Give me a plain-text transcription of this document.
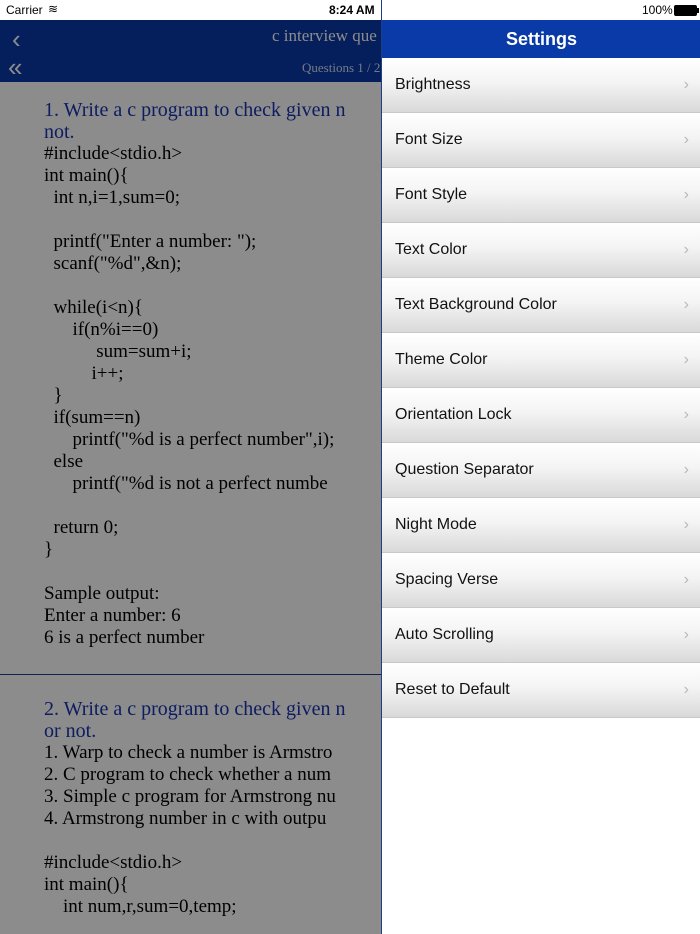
Carrier ≋	8:24 AM
‹
«
c interview que
Questions 1 / 2
1. Write a c program to check given n
not.
#include<stdio.h>
int main(){
int n,i=1,sum=0;
printf("Enter a number: ");
scanf("%d",&n);
while(i<n){
if(n%i==0)
sum=sum+i;
i++;
}
if(sum==n)
printf("%d is a perfect number",i);
else
printf("%d is not a perfect numbe
return 0;
}
Sample output:
Enter a number: 6
6 is a perfect number
2. Write a c program to check given n
or not.
1. Warp to check a number is Armstro
2. C program to check whether a num
3. Simple c program for Armstrong nu
4. Armstrong number in c with outpu
#include<stdio.h>
int main(){
int num,r,sum=0,temp;
100%
Settings
Brightness	›
Font Size	›
Font Style	›
Text Color	›
Text Background Color	›
Theme Color	›
Orientation Lock	›
Question Separator	›
Night Mode	›
Spacing Verse	›
Auto Scrolling	›
Reset to Default	›
